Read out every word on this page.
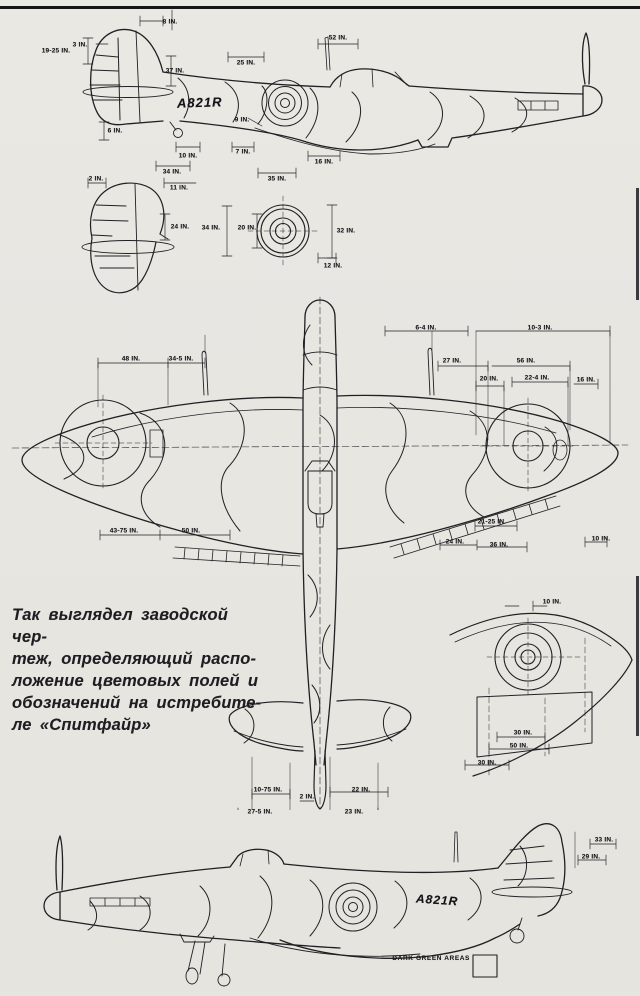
A821R
A821R
Так выглядел заводской чер-
теж, определяющий распо-
ложение цветовых полей и
обозначений на истребите-
ле «Спитфайр»
DARK GREEN AREAS
8 IN.
19-25 IN.
3 IN.
37 IN.
25 IN.
52 IN.
6 IN.
9 IN.
10 IN.
7 IN.
16 IN.
35 IN.
34 IN.
11 IN.
2 IN.
24 IN. 34 IN.	20 IN.	32 IN.
12 IN.
48 IN.	34-5 IN.
6-4 IN.	10-3 IN.
27 IN.	56 IN.
20 IN.	22-4 IN.	16 IN.
43-75 IN.	50 IN.
21-25 IN.
24 IN.	36 IN.
10 IN.
10-75 IN.
2 IN.
22 IN.
27-5 IN.	23 IN.
10 IN.
30 IN.
50 IN.
30 IN.
33 IN.
29 IN.
